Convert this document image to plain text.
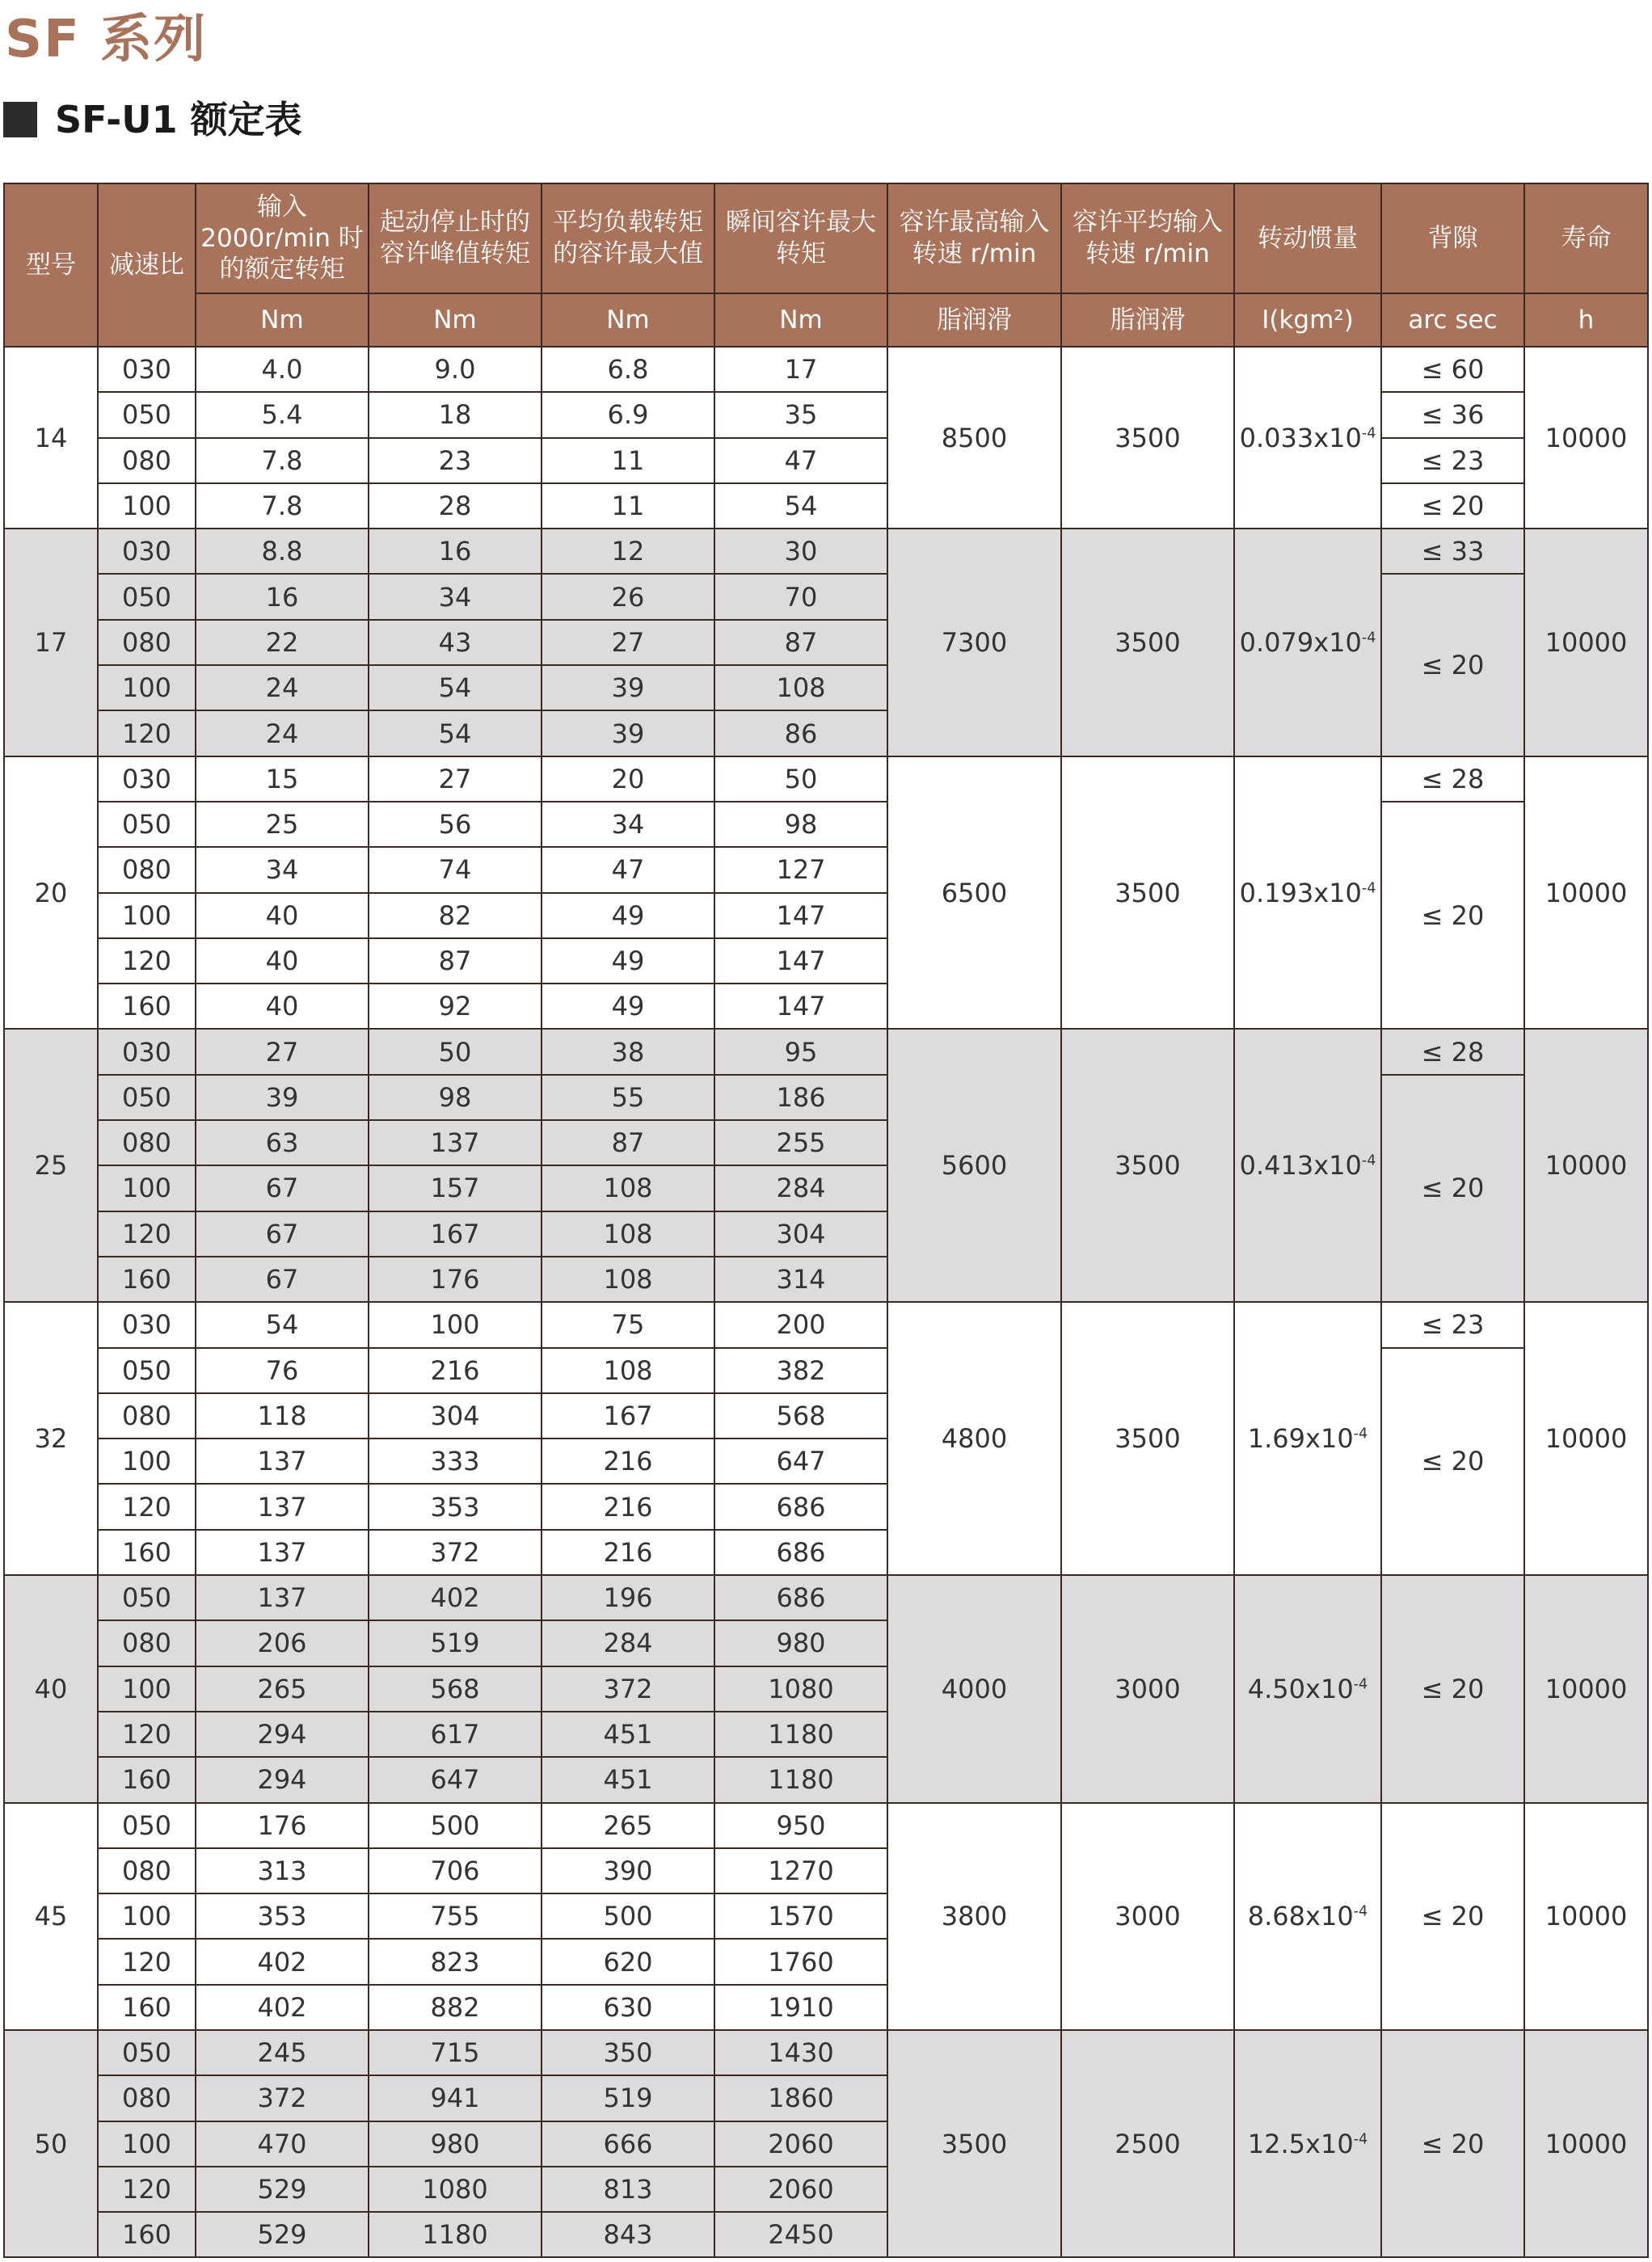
SF 系列
SF-U1 额定表
型号	减速比	输入 2000r/min 时的额定转矩	起动停止时的容许峰值转矩	平均负载转矩的容许最大值	瞬间容许最大转矩	容许最高输入转速 r/min	容许平均输入转速 r/min	转动惯量	背隙	寿命
		Nm	Nm	Nm	Nm	脂润滑	脂润滑	I(kgm²)	arc sec	h
14	030	4.0	9.0	6.8	17	8500	3500	$0.033x10^{-4}$	≤ 60	10000
	050	5.4	18	6.9	35				≤ 36	
	080	7.8	23	11	47				≤ 23	
	100	7.8	28	11	54				≤ 20	
17	030	8.8	16	12	30	7300	3500	$0.079x10^{-4}$	≤ 33	10000
	050	16	34	26	70				≤ 20	
	080	22	43	27	87					
	100	24	54	39	108					
	120	24	54	39	86					
20	030	15	27	20	50	6500	3500	$0.193x10^{-4}$	≤ 28	10000
	050	25	56	34	98				≤ 20	
	080	34	74	47	127					
	100	40	82	49	147					
	120	40	87	49	147					
	160	40	92	49	147					
25	030	27	50	38	95	5600	3500	$0.413x10^{-4}$	≤ 28	10000
	050	39	98	55	186				≤ 20	
	080	63	137	87	255					
	100	67	157	108	284					
	120	67	167	108	304					
	160	67	176	108	314					
32	030	54	100	75	200	4800	3500	$1.69x10^{-4}$	≤ 23	10000
	050	76	216	108	382				≤ 20	
	080	118	304	167	568					
	100	137	333	216	647					
	120	137	353	216	686					
	160	137	372	216	686					
40	050	137	402	196	686	4000	3000	$4.50x10^{-4}$	≤ 20	10000
	080	206	519	284	980					
	100	265	568	372	1080					
	120	294	617	451	1180					
	160	294	647	451	1180					
45	050	176	500	265	950	3800	3000	$8.68x10^{-4}$	≤ 20	10000
	080	313	706	390	1270					
	100	353	755	500	1570					
	120	402	823	620	1760					
	160	402	882	630	1910					
50	050	245	715	350	1430	3500	2500	$12.5x10^{-4}$	≤ 20	10000
	080	372	941	519	1860					
	100	470	980	666	2060					
	120	529	1080	813	2060					
	160	529	1180	843	2450					
